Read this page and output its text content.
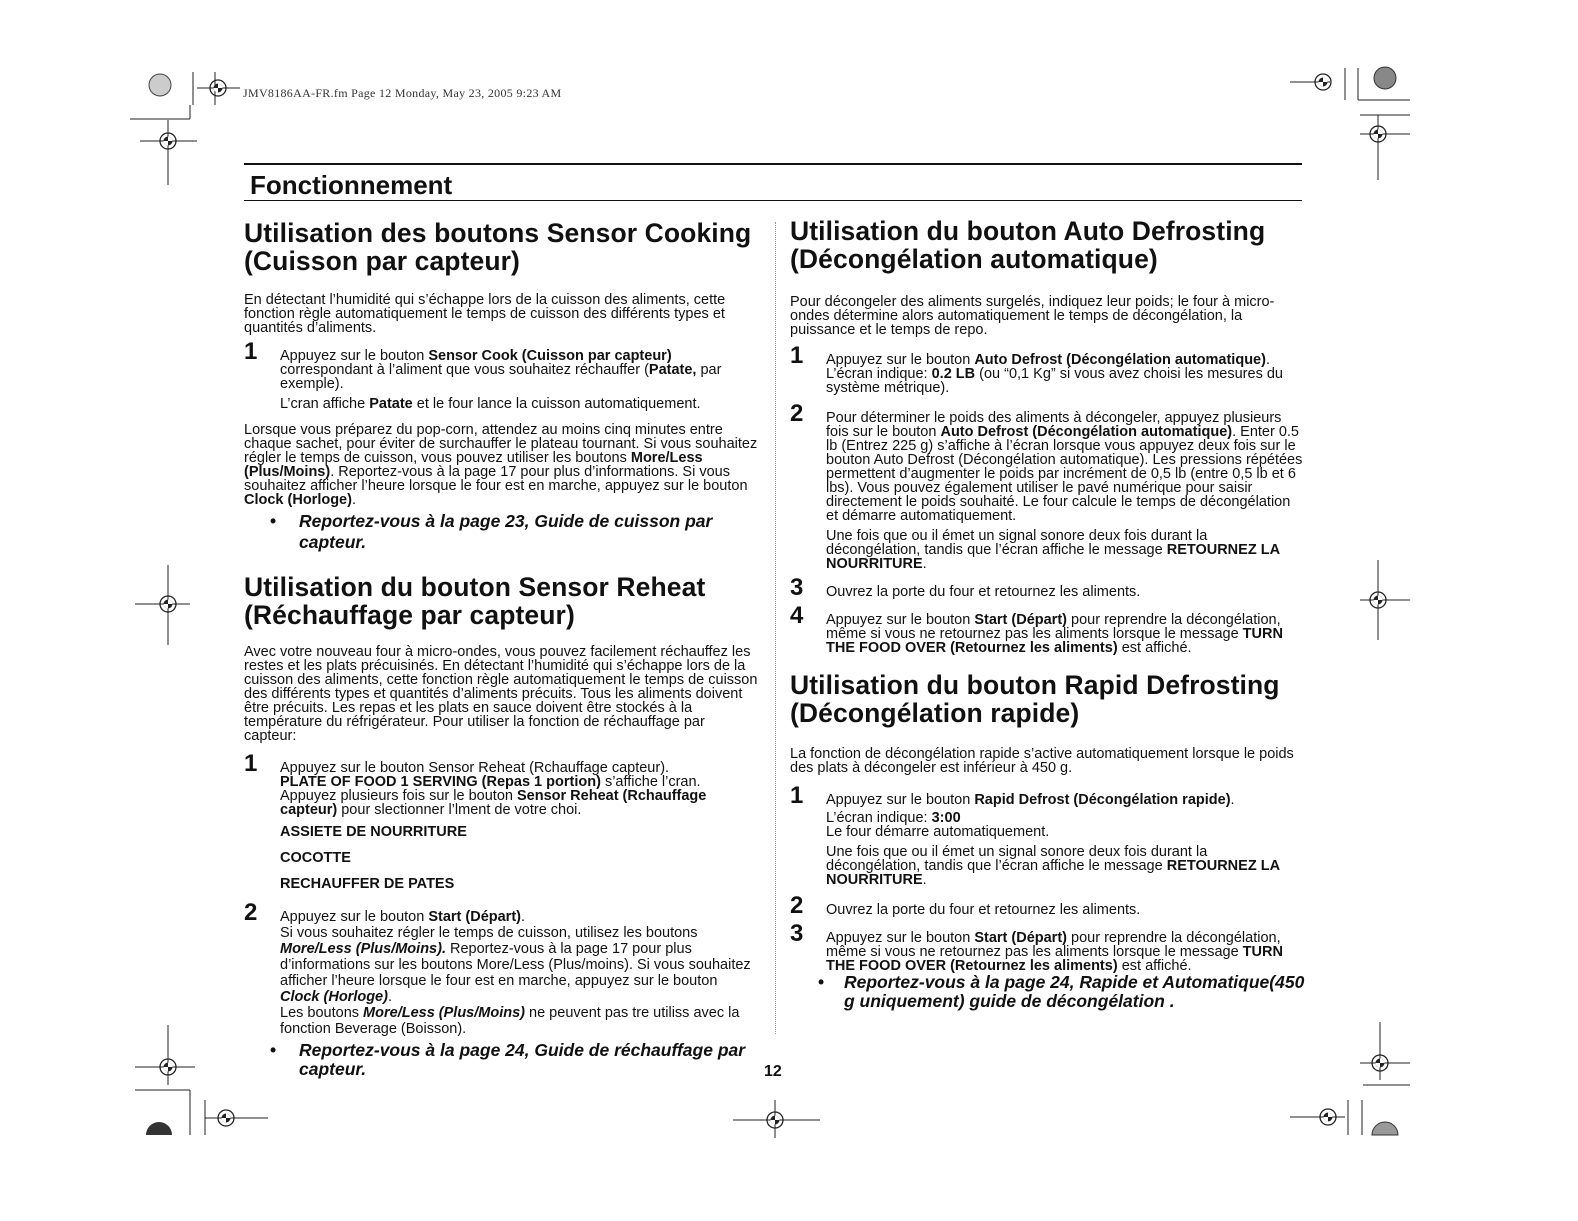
JMV8186AA-FR.fm Page 12 Monday, May 23, 2005 9:23 AM
Fonctionnement
Utilisation des boutons Sensor Cooking
(Cuisson par capteur)

En détectant l’humidité qui s’échappe lors de la cuisson des aliments, cette fonction règle automatiquement le temps de cuisson des différents types et quantités d’aliments.

1 Appuyez sur le bouton Sensor Cook (Cuisson par capteur) correspondant à l’aliment que vous souhaitez réchauffer (Patate, par exemple).
L’cran affiche Patate et le four lance la cuisson automatiquement.

Lorsque vous préparez du pop-corn, attendez au moins cinq minutes entre chaque sachet, pour éviter de surchauffer le plateau tournant. Si vous souhaitez régler le temps de cuisson, vous pouvez utiliser les boutons More/Less (Plus/Moins). Reportez-vous à la page 17 pour plus d’informations. Si vous souhaitez afficher l’heure lorsque le four est en marche, appuyez sur le bouton Clock (Horloge).

• Reportez-vous à la page 23, Guide de cuisson par capteur.
Utilisation du bouton Sensor Reheat
(Réchauffage par capteur)

Avec votre nouveau four à micro-ondes, vous pouvez facilement réchauffez les restes et les plats précuisinés. En détectant l’humidité qui s’échappe lors de la cuisson des aliments, cette fonction règle automatiquement le temps de cuisson des différents types et quantités d’aliments précuits. Tous les aliments doivent être précuits. Les repas et les plats en sauce doivent être stockés à la température du réfrigérateur. Pour utiliser la fonction de réchauffage par capteur:

1 Appuyez sur le bouton Sensor Reheat (Rchauffage capteur).
PLATE OF FOOD 1 SERVING (Repas 1 portion) s’affiche l’cran.
Appuyez plusieurs fois sur le bouton Sensor Reheat (Rchauffage capteur) pour slectionner l’lment de votre choi.
ASSIETE DE NOURRITURE
COCOTTE
RECHAUFFER DE PATES
2 Appuyez sur le bouton Start (Départ).
Si vous souhaitez régler le temps de cuisson, utilisez les boutons More/Less (Plus/Moins). Reportez-vous à la page 17 pour plus d’informations sur les boutons More/Less (Plus/moins). Si vous souhaitez afficher l’heure lorsque le four est en marche, appuyez sur le bouton Clock (Horloge).
Les boutons More/Less (Plus/Moins) ne peuvent pas tre utiliss avec la fonction Beverage (Boisson).
• Reportez-vous à la page 24, Guide de réchauffage par capteur.
Utilisation du bouton Auto Defrosting
(Décongélation automatique)

Pour décongeler des aliments surgelés, indiquez leur poids; le four à micro-ondes détermine alors automatiquement le temps de décongélation, la puissance et le temps de repo.

1 Appuyez sur le bouton Auto Defrost (Décongélation automatique).
L’écran indique: 0.2 LB (ou “0,1 Kg” si vous avez choisi les mesures du système métrique).
2 Pour déterminer le poids des aliments à décongeler, appuyez plusieurs fois sur le bouton Auto Defrost (Décongélation automatique). Enter 0.5 lb (Entrez 225 g) s’affiche à l’écran lorsque vous appuyez deux fois sur le bouton Auto Defrost (Décongélation automatique). Les pressions répétées permettent d’augmenter le poids par incrément de 0,5 lb (entre 0,5 lb et 6 lbs). Vous pouvez également utiliser le pavé numérique pour saisir directement le poids souhaité. Le four calcule le temps de décongélation et démarre automatiquement.
Une fois que ou il émet un signal sonore deux fois durant la décongélation, tandis que l’écran affiche le message RETOURNEZ LA NOURRITURE.
3 Ouvrez la porte du four et retournez les aliments.
4 Appuyez sur le bouton Start (Départ) pour reprendre la décongélation, même si vous ne retournez pas les aliments lorsque le message TURN THE FOOD OVER (Retournez les aliments) est affiché.
Utilisation du bouton Rapid Defrosting
(Décongélation rapide)

La fonction de décongélation rapide s’active automatiquement lorsque le poids des plats à décongeler est inférieur à 450 g.

1 Appuyez sur le bouton Rapid Defrost (Décongélation rapide).
L’écran indique: 3:00
Le four démarre automatiquement.
Une fois que ou il émet un signal sonore deux fois durant la décongélation, tandis que l’écran affiche le message RETOURNEZ LA NOURRITURE.
2 Ouvrez la porte du four et retournez les aliments.
3 Appuyez sur le bouton Start (Départ) pour reprendre la décongélation, même si vous ne retournez pas les aliments lorsque le message TURN THE FOOD OVER (Retournez les aliments) est affiché.
• Reportez-vous à la page 24, Rapide et Automatique(450 g uniquement) guide de décongélation .
12
